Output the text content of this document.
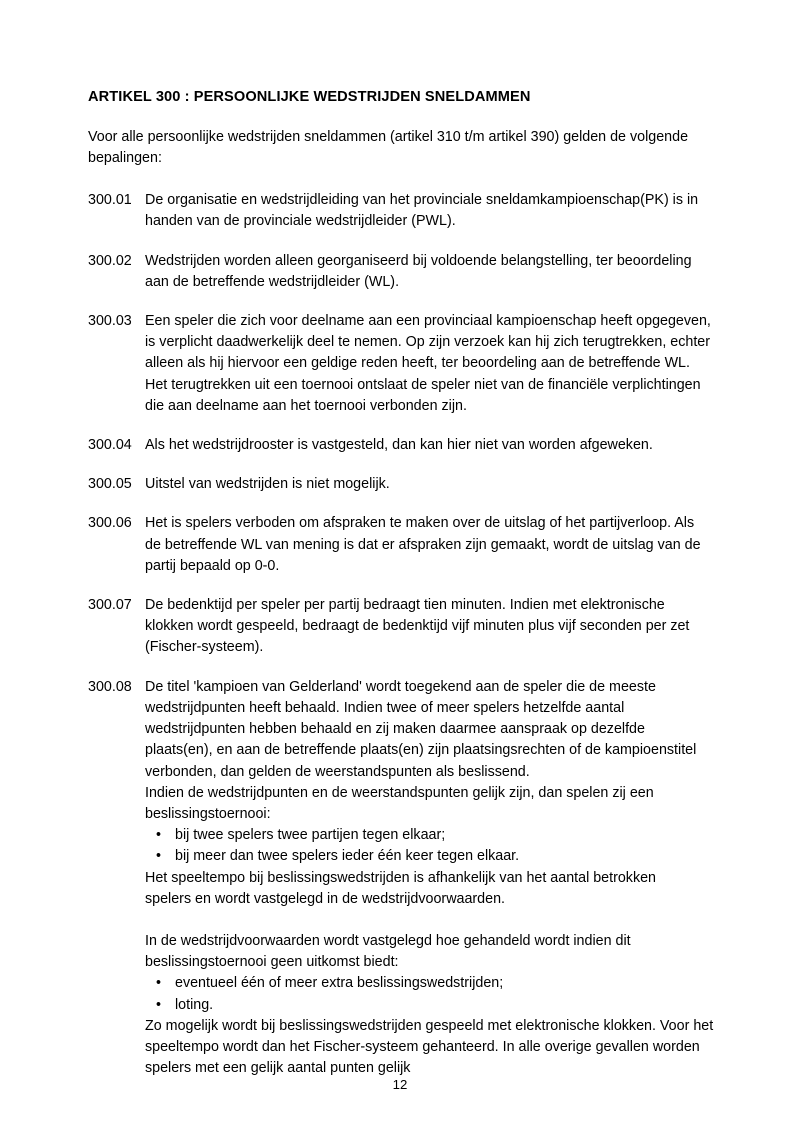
ARTIKEL 300 : PERSOONLIJKE WEDSTRIJDEN SNELDAMMEN

Voor alle persoonlijke wedstrijden sneldammen (artikel 310 t/m artikel 390) gelden de volgende bepalingen:

300.01 De organisatie en wedstrijdleiding van het provinciale sneldamkampioenschap(PK) is in handen van de provinciale wedstrijdleider (PWL).
300.02 Wedstrijden worden alleen georganiseerd bij voldoende belangstelling, ter beoordeling aan de betreffende wedstrijdleider (WL).
300.03 Een speler die zich voor deelname aan een provinciaal kampioenschap heeft opgegeven, is verplicht daadwerkelijk deel te nemen. Op zijn verzoek kan hij zich terugtrekken, echter alleen als hij hiervoor een geldige reden heeft, ter beoordeling aan de betreffende WL. Het terugtrekken uit een toernooi ontslaat de speler niet van de financiële verplichtingen die aan deelname aan het toernooi verbonden zijn.
300.04 Als het wedstrijdrooster is vastgesteld, dan kan hier niet van worden afgeweken.
300.05 Uitstel van wedstrijden is niet mogelijk.
300.06 Het is spelers verboden om afspraken te maken over de uitslag of het partijverloop. Als de betreffende WL van mening is dat er afspraken zijn gemaakt, wordt de uitslag van de partij bepaald op 0-0.
300.07 De bedenktijd per speler per partij bedraagt tien minuten. Indien met elektronische klokken wordt gespeeld, bedraagt de bedenktijd vijf minuten plus vijf seconden per zet (Fischer-systeem).
300.08 De titel 'kampioen van Gelderland' wordt toegekend aan de speler die de meeste wedstrijdpunten heeft behaald. Indien twee of meer spelers hetzelfde aantal wedstrijdpunten hebben behaald en zij maken daarmee aanspraak op dezelfde plaats(en), en aan de betreffende plaats(en) zijn plaatsingsrechten of de kampioenstitel verbonden, dan gelden de weerstandspunten als beslissend.

Indien de wedstrijdpunten en de weerstandspunten gelijk zijn, dan spelen zij een beslissingstoernooi:

• bij twee spelers twee partijen tegen elkaar;
• bij meer dan twee spelers ieder één keer tegen elkaar.

Het speeltempo bij beslissingswedstrijden is afhankelijk van het aantal betrokken spelers en wordt vastgelegd in de wedstrijdvoorwaarden.

In de wedstrijdvoorwaarden wordt vastgelegd hoe gehandeld wordt indien dit beslissingstoernooi geen uitkomst biedt:

• eventueel één of meer extra beslissingswedstrijden;
• loting.

Zo mogelijk wordt bij beslissingswedstrijden gespeeld met elektronische klokken. Voor het speeltempo wordt dan het Fischer-systeem gehanteerd. In alle overige gevallen worden spelers met een gelijk aantal punten gelijk

12
